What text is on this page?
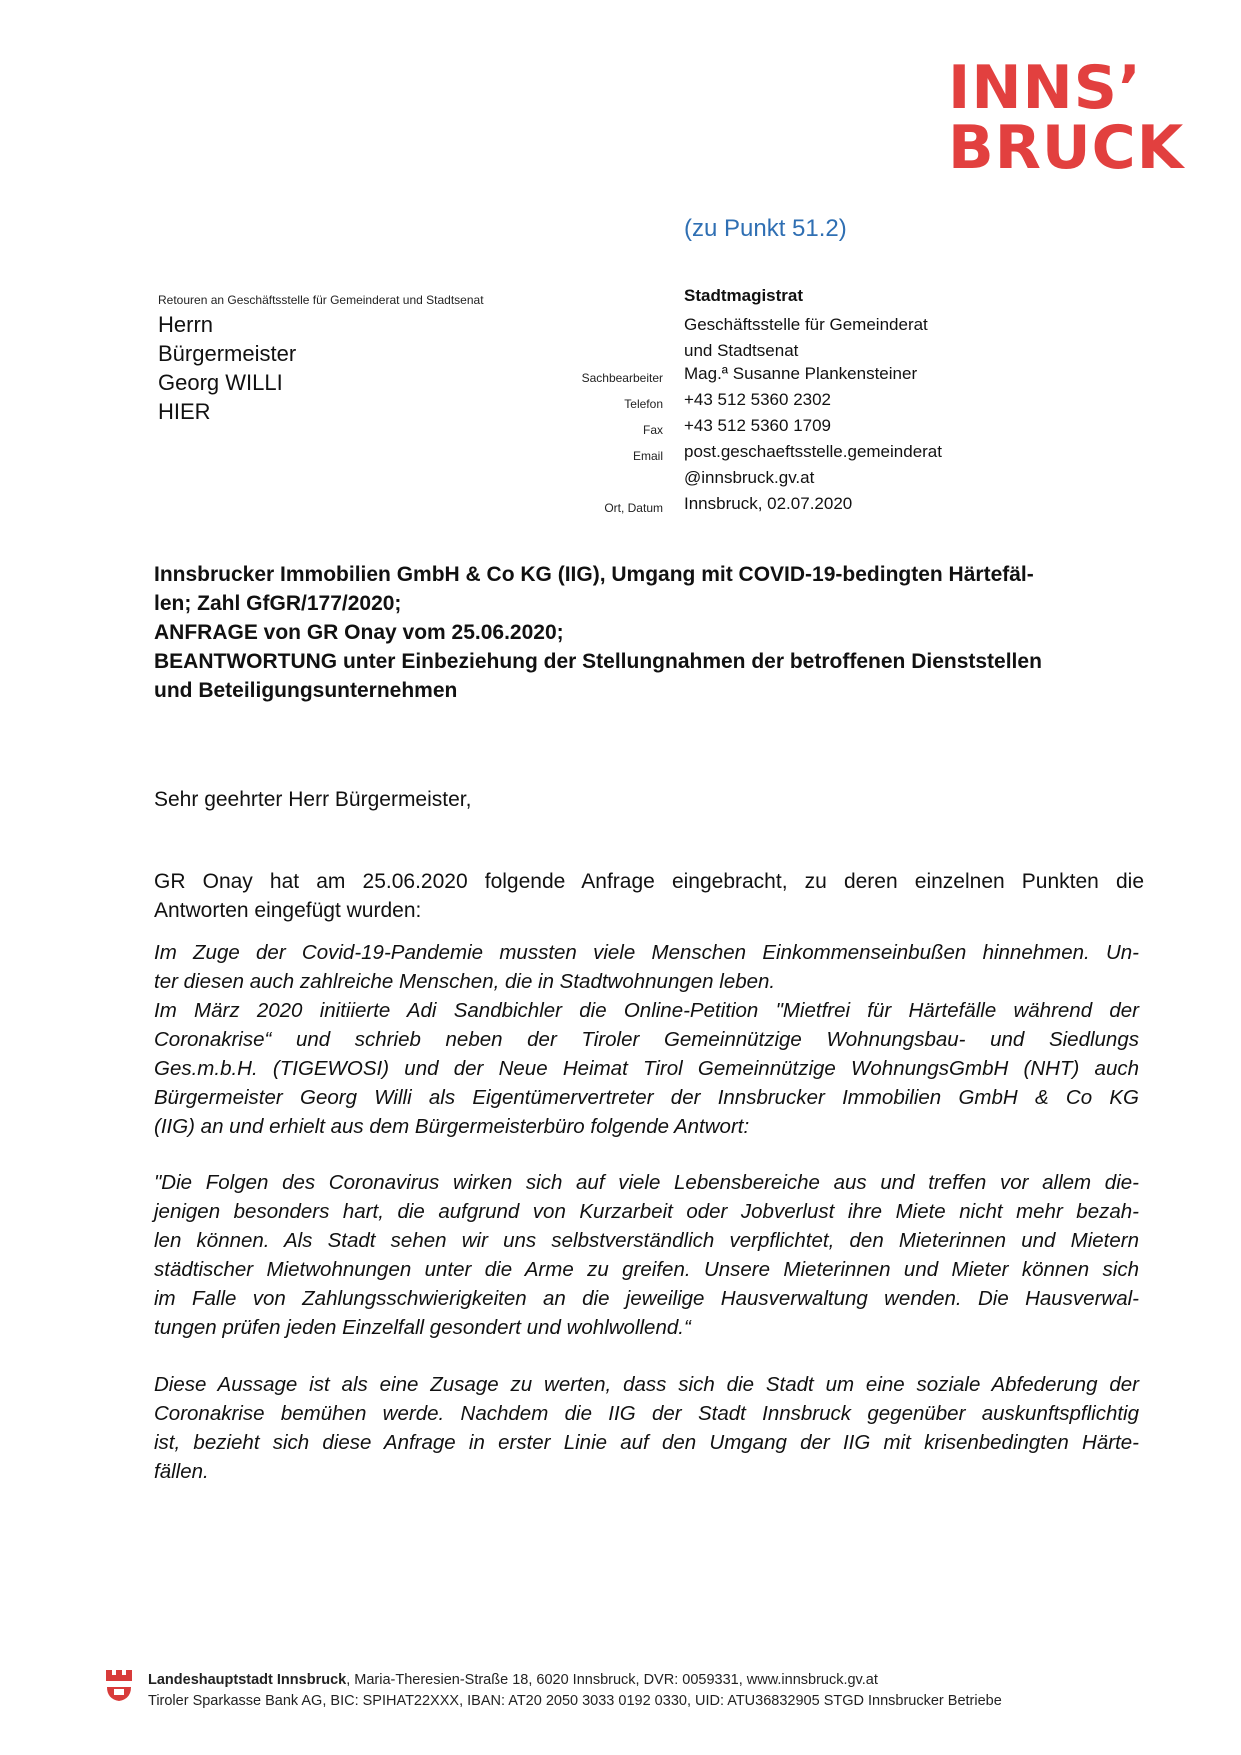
INNS’
BRUCK
(zu Punkt 51.2)
Retouren an Geschäftsstelle für Gemeinderat und Stadtsenat
Herrn
Bürgermeister
Georg WILLI
HIER
Stadtmagistrat
Geschäftsstelle für Gemeinderat
und Stadtsenat
Sachbearbeiter Mag.ª Susanne Plankensteiner
Telefon +43 512 5360 2302
Fax +43 512 5360 1709
Email post.geschaeftsstelle.gemeinderat
@innsbruck.gv.at
Ort, Datum Innsbruck, 02.07.2020
Innsbrucker Immobilien GmbH & Co KG (IIG), Umgang mit COVID-19-bedingten Härtefäl-
len; Zahl GfGR/177/2020;
ANFRAGE von GR Onay vom 25.06.2020;
BEANTWORTUNG unter Einbeziehung der Stellungnahmen der betroffenen Dienststellen
und Beteiligungsunternehmen
Sehr geehrter Herr Bürgermeister,
GR Onay hat am 25.06.2020 folgende Anfrage eingebracht, zu deren einzelnen Punkten die
Antworten eingefügt wurden:
Im Zuge der Covid-19-Pandemie mussten viele Menschen Einkommenseinbußen hinnehmen. Un-
ter diesen auch zahlreiche Menschen, die in Stadtwohnungen leben.
Im März 2020 initiierte Adi Sandbichler die Online-Petition "Mietfrei für Härtefälle während der
Coronakrise“ und schrieb neben der Tiroler Gemeinnützige Wohnungsbau- und Siedlungs
Ges.m.b.H. (TIGEWOSI) und der Neue Heimat Tirol Gemeinnützige WohnungsGmbH (NHT) auch
Bürgermeister Georg Willi als Eigentümervertreter der Innsbrucker Immobilien GmbH & Co KG
(IIG) an und erhielt aus dem Bürgermeisterbüro folgende Antwort:
"Die Folgen des Coronavirus wirken sich auf viele Lebensbereiche aus und treffen vor allem die-
jenigen besonders hart, die aufgrund von Kurzarbeit oder Jobverlust ihre Miete nicht mehr bezah-
len können. Als Stadt sehen wir uns selbstverständlich verpflichtet, den Mieterinnen und Mietern
städtischer Mietwohnungen unter die Arme zu greifen. Unsere Mieterinnen und Mieter können sich
im Falle von Zahlungsschwierigkeiten an die jeweilige Hausverwaltung wenden. Die Hausverwal-
tungen prüfen jeden Einzelfall gesondert und wohlwollend.“
Diese Aussage ist als eine Zusage zu werten, dass sich die Stadt um eine soziale Abfederung der
Coronakrise bemühen werde. Nachdem die IIG der Stadt Innsbruck gegenüber auskunftspflichtig
ist, bezieht sich diese Anfrage in erster Linie auf den Umgang der IIG mit krisenbedingten Härte-
fällen.
Landeshauptstadt Innsbruck, Maria-Theresien-Straße 18, 6020 Innsbruck, DVR: 0059331, www.innsbruck.gv.at
Tiroler Sparkasse Bank AG, BIC: SPIHAT22XXX, IBAN: AT20 2050 3033 0192 0330, UID: ATU36832905 STGD Innsbrucker Betriebe
